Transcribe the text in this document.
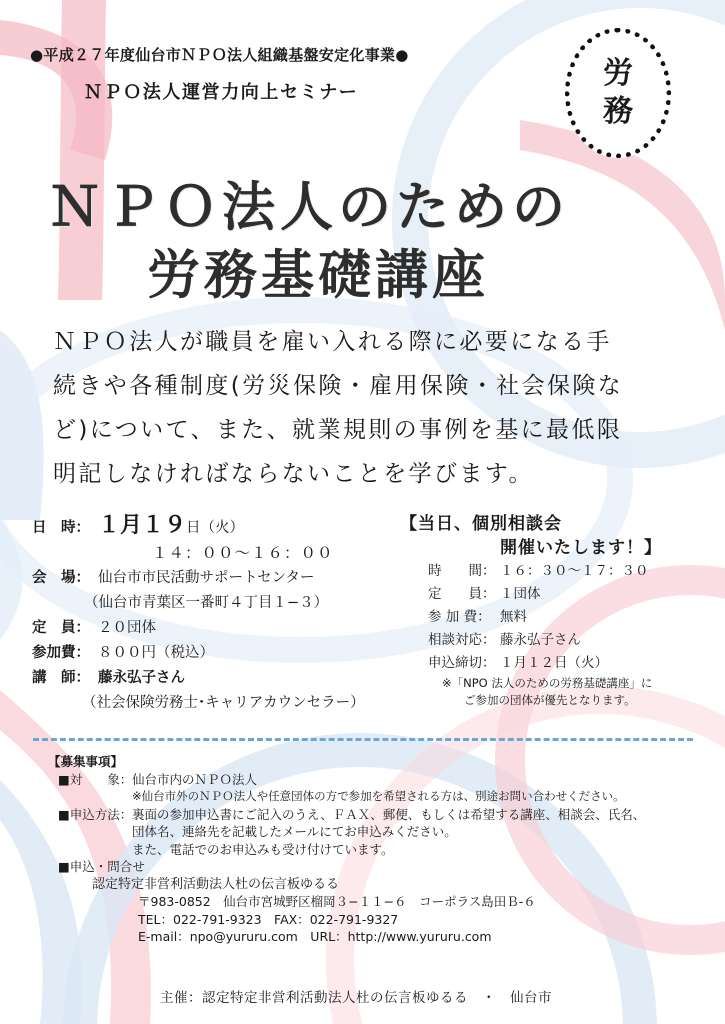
●平成２７年度仙台市ＮＰＯ法人組織基盤安定化事業●
ＮＰＯ法人運営力向上セミナー
労
務
ＮＰＯ法人のための
労務基礎講座
ＮＰＯ法人が職員を雇い入れる際に必要になる手
続きや各種制度(労災保険・雇用保険・社会保険な
ど)について、また、就業規則の事例を基に最低限
明記しなければならないことを学びます。
日　時： １月 １９ 日（火）
１４：００〜１６：００
会　場： 仙台市市民活動サポートセンター
（仙台市青葉区一番町４丁目１−３）
定　員： ２０団体
参加費： ８００円（税込）
講　師： 藤永弘子さん
（社会保険労務士･キャリアカウンセラー）
【当日、個別相談会
開催いたします！】
時　　間： １６：３０〜１７：３０
定　　員： １団体
参 加 費： 無料
相談対応： 藤永弘子さん
申込締切： １月１２日（火）
※「NPO 法人のための労務基礎講座」に
ご参加の団体が優先となります。
【募集事項】
■対　　象：仙台市内のＮＰＯ法人
※仙台市外のＮＰＯ法人や任意団体の方で参加を希望される方は、別途お問い合わせください。
■申込方法：裏面の参加申込書にご記入のうえ、ＦＡＸ、郵便、もしくは希望する講座、相談会、氏名、
団体名、連絡先を記載したメールにてお申込みください。
また、電話でのお申込みも受け付けています。
■申込・問合せ
認定特定非営利活動法人杜の伝言板ゆるる
〒983-0852　仙台市宮城野区榴岡３−１１−６　コーポラス島田Ｂ-６
TEL：022-791-9323　FAX：022-791-9327
E-mail：npo@yururu.com　URL：http://www.yururu.com
主催：認定特定非営利活動法人杜の伝言板ゆるる　・　仙台市
